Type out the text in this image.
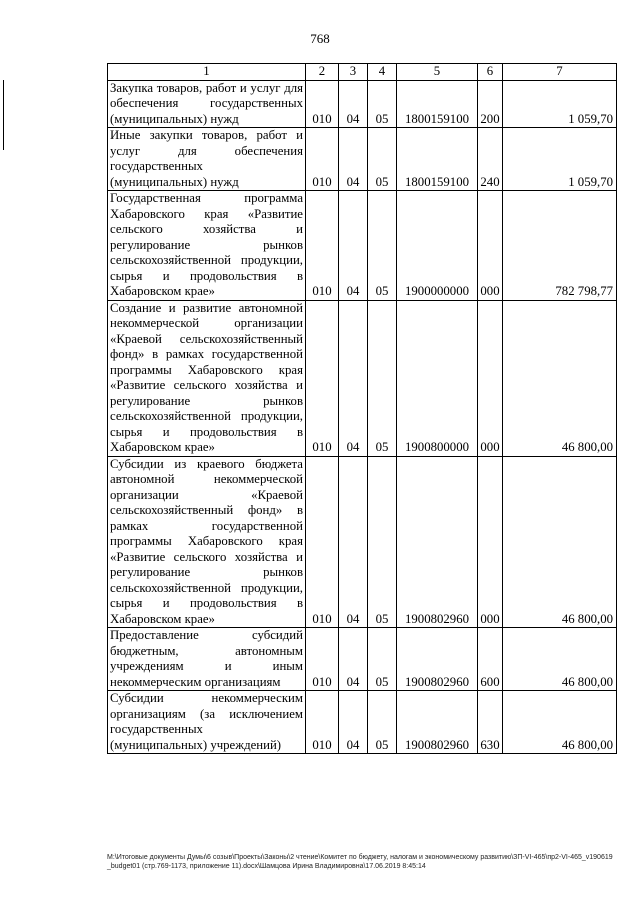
768
1	2	3	4	5	6	7
Закупка товаров, работ и услуг для обеспечения государственных (муниципальных) нужд	010	04	05	1800159100	200	1 059,70
Иные закупки товаров, работ и услуг для обеспечения государственных (муниципальных) нужд	010	04	05	1800159100	240	1 059,70
Государственная программа Хабаровского края «Развитие сельского хозяйства и регулирование рынков сельскохозяйственной продукции, сырья и продовольствия в Хабаровском крае»	010	04	05	1900000000	000	782 798,77
Создание и развитие автономной некоммерческой организации «Краевой сельскохозяйственный фонд» в рамках государственной программы Хабаровского края «Развитие сельского хозяйства и регулирование рынков сельскохозяйственной продукции, сырья и продовольствия в Хабаровском крае»	010	04	05	1900800000	000	46 800,00
Субсидии из краевого бюджета автономной некоммерческой организации «Краевой сельскохозяйственный фонд» в рамках государственной программы Хабаровского края «Развитие сельского хозяйства и регулирование рынков сельскохозяйственной продукции, сырья и продовольствия в Хабаровском крае»	010	04	05	1900802960	000	46 800,00
Предоставление субсидий бюджетным, автономным учреждениям и иным некоммерческим организациям	010	04	05	1900802960	600	46 800,00
Субсидии некоммерческим организациям (за исключением государственных (муниципальных) учреждений)	010	04	05	1900802960	630	46 800,00
М:\Итоговые документы Думы\6 созыв\Проекты\Законы\2 чтение\Комитет по бюджету, налогам и экономическому развитию\ЗП-VI-465\пр2-VI-465_v190619_budget01 (стр.769-1173, приложение 11).docx\Шамцова Ирина Владимировна\17.06.2019 8:45:14
